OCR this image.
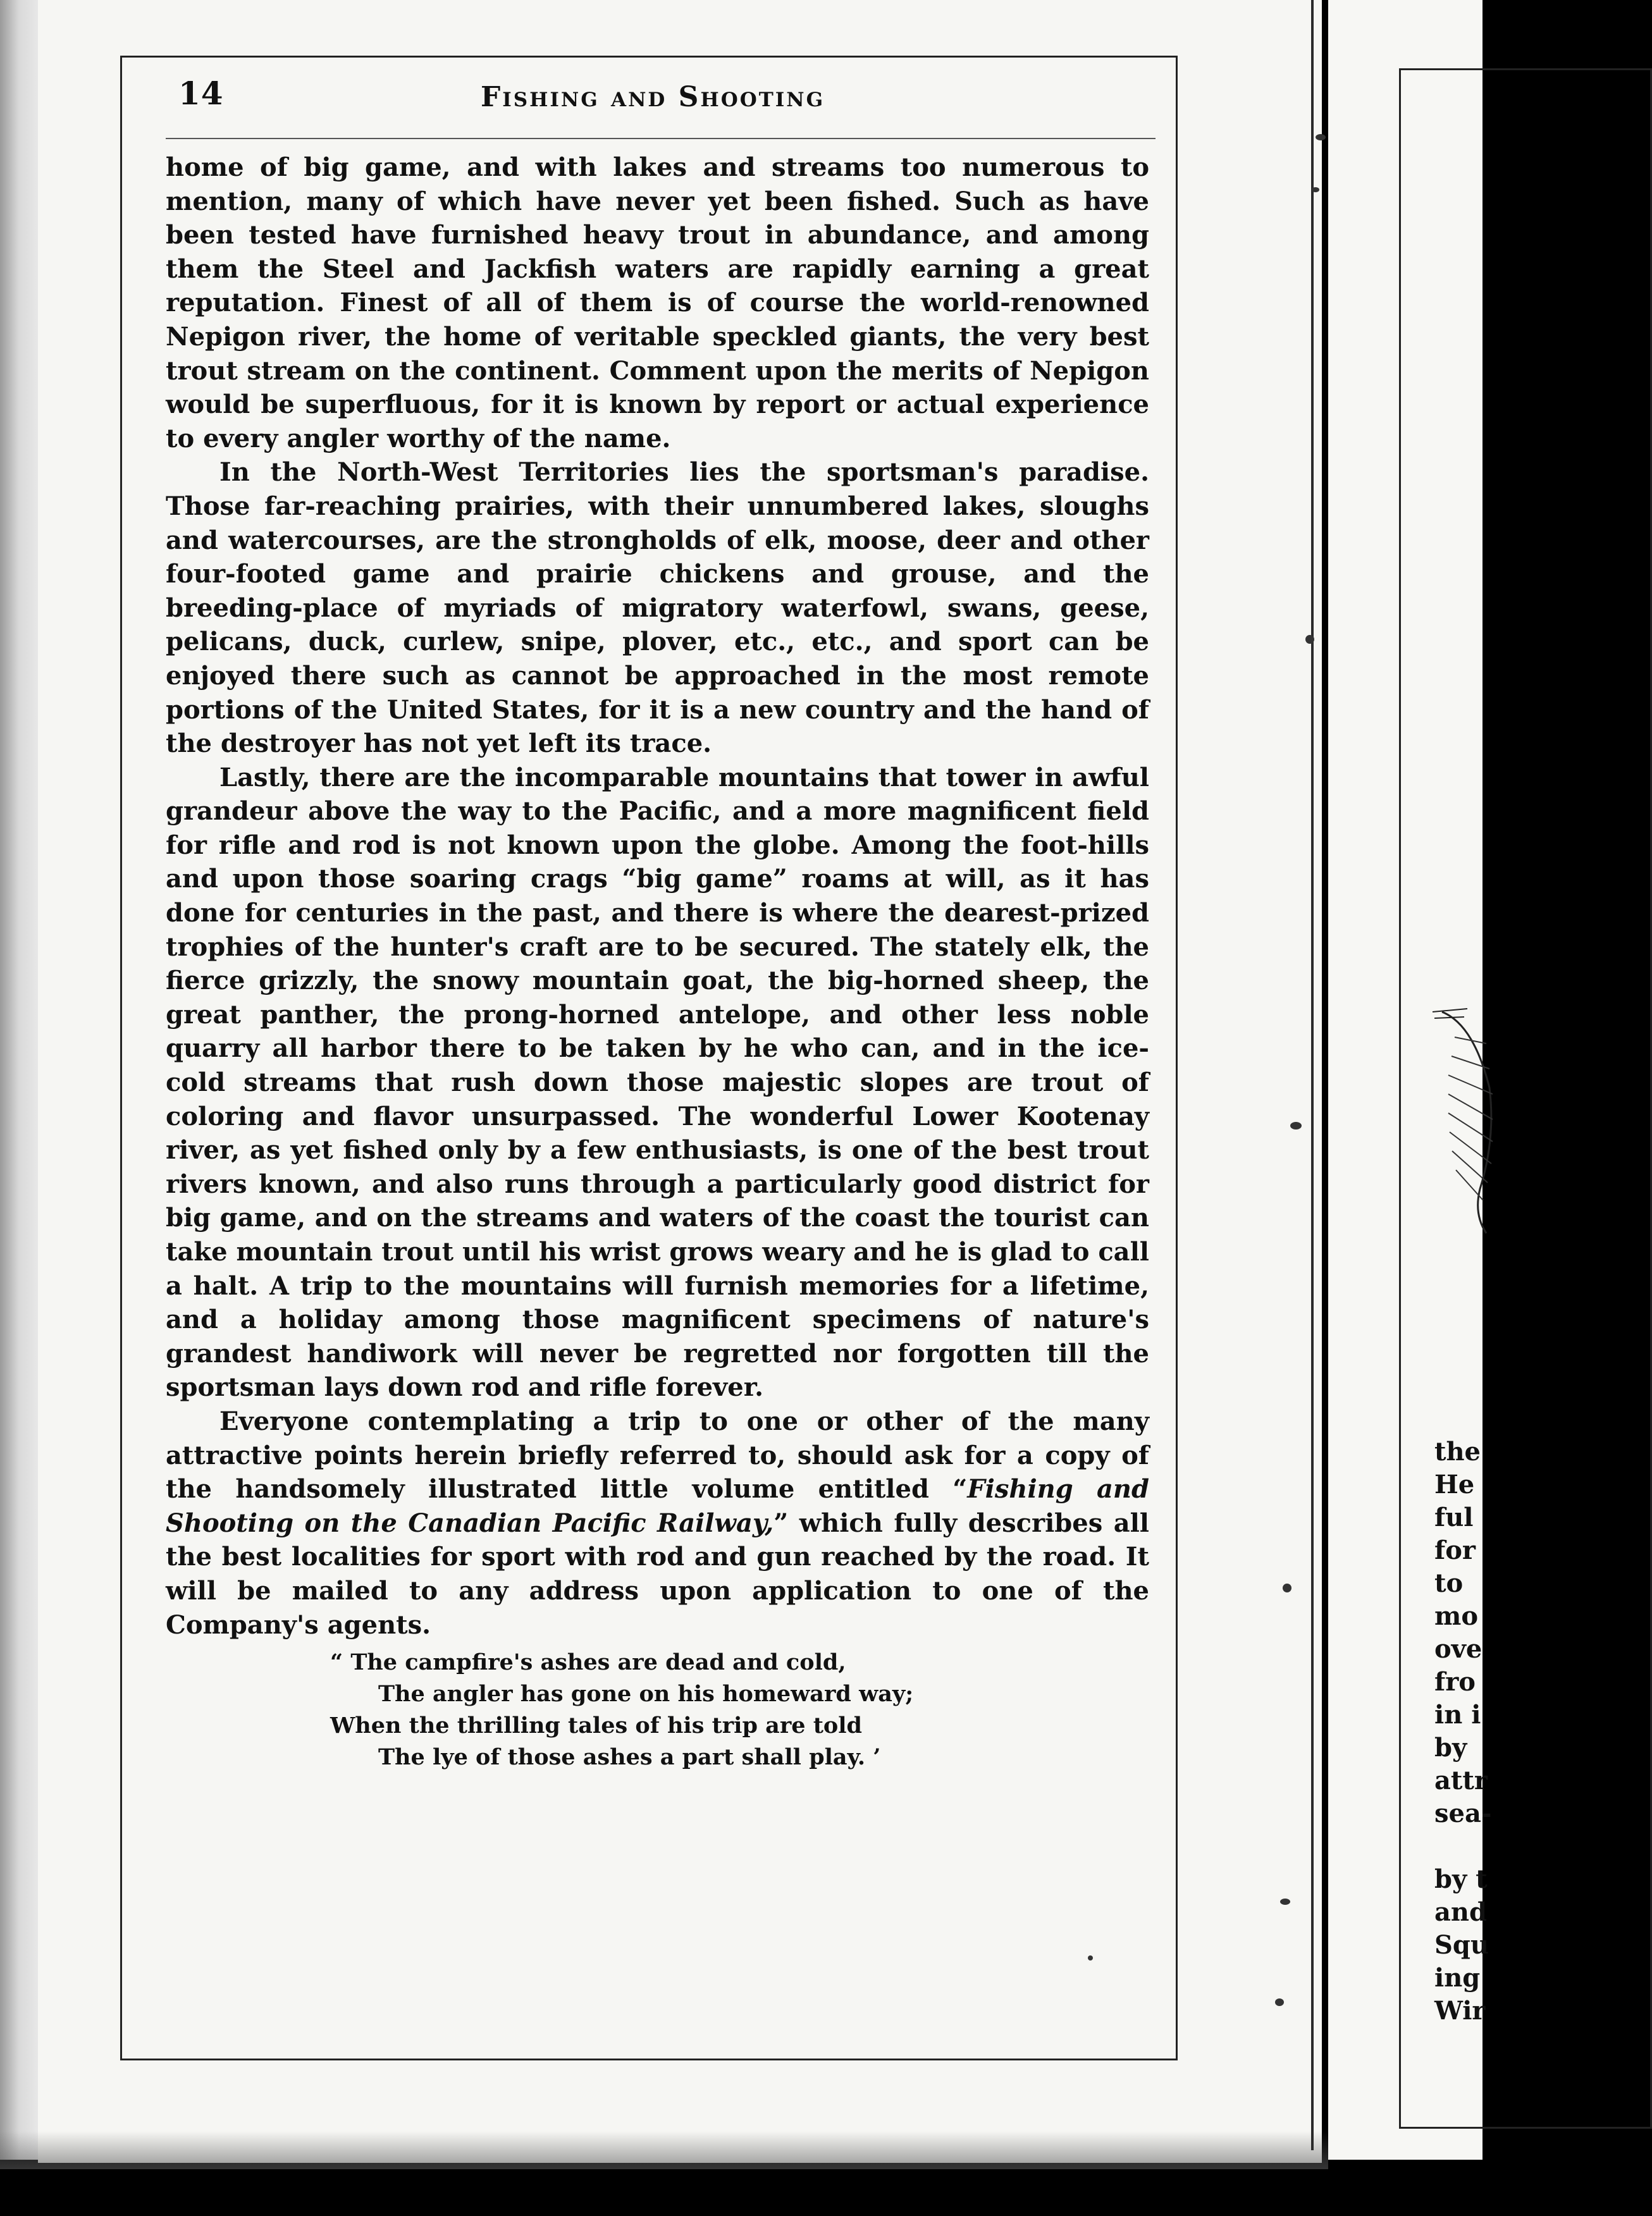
14	Fishing and Shooting

home of big game, and with lakes and streams too numerous to mention, many of which have never yet been fished. Such as have been tested have furnished heavy trout in abundance, and among them the Steel and Jackfish waters are rapidly earning a great reputation. Finest of all of them is of course the world-renowned Nepigon river, the home of veritable speckled giants, the very best trout stream on the continent. Comment upon the merits of Nepigon would be superfluous, for it is known by report or actual experience to every angler worthy of the name.

In the North-West Territories lies the sportsman's paradise. Those far-reaching prairies, with their unnumbered lakes, sloughs and watercourses, are the strongholds of elk, moose, deer and other four-footed game and prairie chickens and grouse, and the breeding-place of myriads of migratory waterfowl, swans, geese, pelicans, duck, curlew, snipe, plover, etc., etc., and sport can be enjoyed there such as cannot be approached in the most remote portions of the United States, for it is a new country and the hand of the destroyer has not yet left its trace.

Lastly, there are the incomparable mountains that tower in awful grandeur above the way to the Pacific, and a more magnificent field for rifle and rod is not known upon the globe. Among the foot-hills and upon those soaring crags “big game” roams at will, as it has done for centuries in the past, and there is where the dearest-prized trophies of the hunter's craft are to be secured. The stately elk, the fierce grizzly, the snowy mountain goat, the big-horned sheep, the great panther, the prong-horned antelope, and other less noble quarry all harbor there to be taken by he who can, and in the ice-cold streams that rush down those majestic slopes are trout of coloring and flavor unsurpassed. The wonderful Lower Kootenay river, as yet fished only by a few enthusiasts, is one of the best trout rivers known, and also runs through a particularly good district for big game, and on the streams and waters of the coast the tourist can take mountain trout until his wrist grows weary and he is glad to call a halt. A trip to the mountains will furnish memories for a lifetime, and a holiday among those magnificent specimens of nature's grandest handiwork will never be regretted nor forgotten till the sportsman lays down rod and rifle forever.

Everyone contemplating a trip to one or other of the many attractive points herein briefly referred to, should ask for a copy of the handsomely illustrated little volume entitled “Fishing and Shooting on the Canadian Pacific Railway,” which fully describes all the best localities for sport with rod and gun reached by the road. It will be mailed to any address upon application to one of the Company's agents.

“ The campfire's ashes are dead and cold,
The angler has gone on his homeward way;
When the thrilling tales of his trip are told
The lye of those ashes a part shall play. ’
the
He
ful
for
to
mo
ove
fro
in i
by
attr
sea-
by t
and
Squ
ing
Wir
